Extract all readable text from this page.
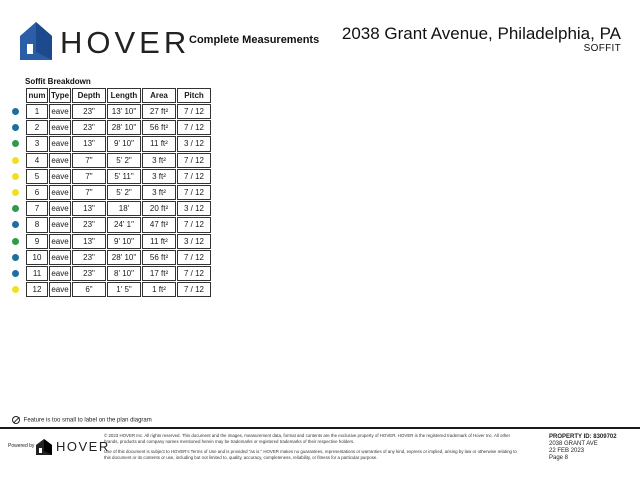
HOVER
Complete Measurements 2038 Grant Avenue, Philadelphia, PA
SOFFIT
Soffit Breakdown
num	Type	Depth	Length	Area	Pitch
1	eave	23"	13' 10"	27 ft²	7 / 12
2	eave	23"	28' 10"	56 ft²	7 / 12
3	eave	13"	9' 10"	11 ft²	3 / 12
4	eave	7"	5' 2"	3 ft²	7 / 12
5	eave	7"	5' 11"	3 ft²	7 / 12
6	eave	7"	5' 2"	3 ft²	7 / 12
7	eave	13"	18'	20 ft²	3 / 12
8	eave	23"	24' 1"	47 ft²	7 / 12
9	eave	13"	9' 10"	11 ft²	3 / 12
10	eave	23"	28' 10"	56 ft²	7 / 12
11	eave	23"	8' 10"	17 ft²	7 / 12
12	eave	6"	1' 5"	1 ft²	7 / 12
Feature is too small to label on the plan diagram
Powered by HOVER

© 2023 HOVER Inc. All rights reserved. This document and the images, measurement data, format and contents are the exclusive property of HOVER. HOVER is the registered trademark of Hover Inc. All other brands, products and company names mentioned herein may be trademarks or registered trademarks of their respective holders.

Use of this document is subject to HOVER's Terms of Use and is provided "as is." HOVER makes no guarantees, representations or warranties of any kind, express or implied, arising by law or otherwise relating to this document or its contents or use, including but not limited to, quality, accuracy, completeness, reliability, or fitness for a particular purpose.

PROPERTY ID: 8309702
2038 GRANT AVE
22 FEB 2023
Page 8
